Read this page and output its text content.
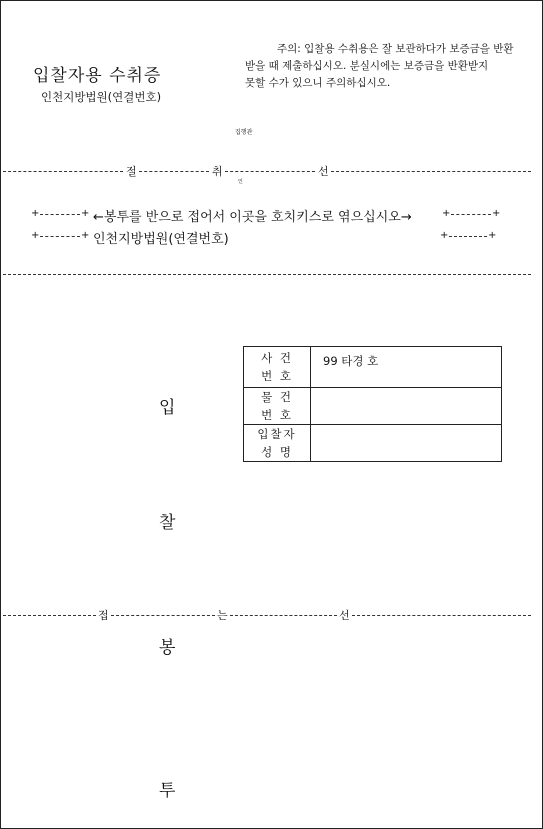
입찰자용 수취증
인천지방법원(연결번호)
주의: 입찰용 수취용은 잘 보관하다가 보증금을 반환
받을 때 제출하십시오. 분실시에는 보증금을 반환받지
못할 수가 있으니 주의하십시오.
집행관
절	취	선
인
+	+ ←봉투를 반으로 접어서 이곳을 호치키스로 엮으십시오→	+	+
+	+ 인천지방법원(연결번호)	+	+
사 건
번 호	99 타경 호

물 건
번 호	

입찰자
성 명	

입
찰
봉
투
접	는	선
